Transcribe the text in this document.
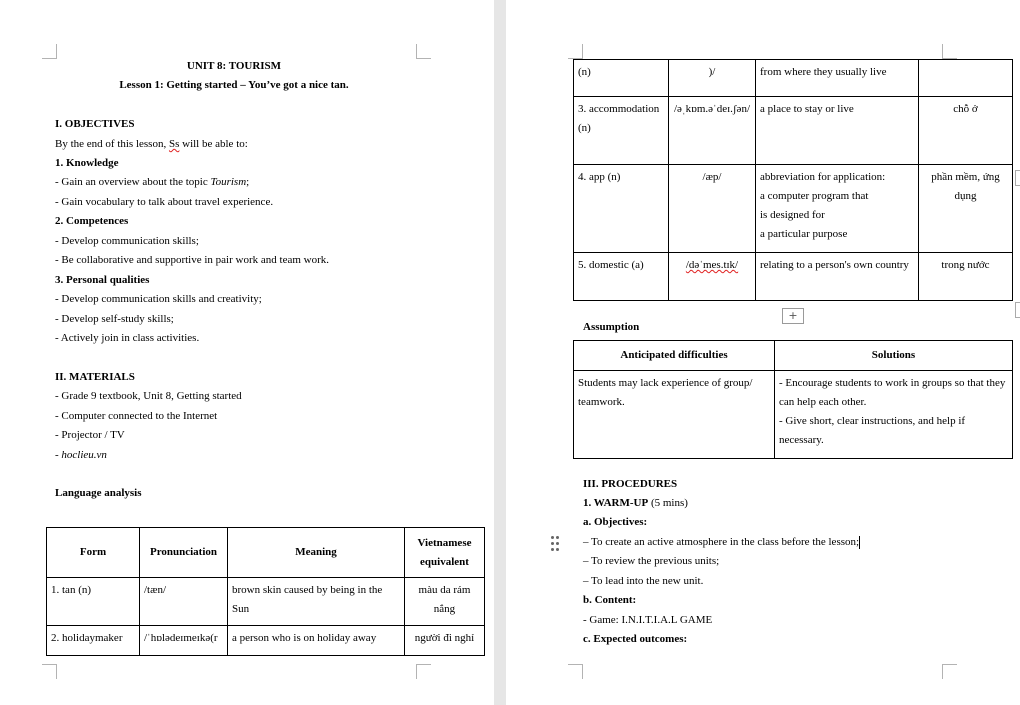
UNIT 8: TOURISM
Lesson 1: Getting started – You’ve got a nice tan.
I. OBJECTIVES
By the end of this lesson, Ss will be able to:
1. Knowledge
- Gain an overview about the topic Tourism;
- Gain vocabulary to talk about travel experience.
2. Competences
- Develop communication skills;
- Be collaborative and supportive in pair work and team work.
3. Personal qualities
- Develop communication skills and creativity;
- Develop self-study skills;
- Actively join in class activities.
II. MATERIALS
- Grade 9 textbook, Unit 8, Getting started
- Computer connected to the Internet
- Projector / TV
- hoclieu.vn
Language analysis
Form	Pronunciation	Meaning	Vietnamese equivalent
1. tan (n)	/tæn/	brown skin caused by being in the Sun	màu da rám nắng
2. holidaymaker	/ˈhɒlədeɪmeɪkə(r	a person who is on holiday away	người đi nghỉ
(n)	)/	from where they usually live	
3. accommodation (n)	/əˌkɒm.əˈdeɪ.ʃən/	a place to stay or live	chỗ ở
4. app (n)	/æp/	abbreviation for application:
a computer program that
is designed for
a particular purpose	phần mềm, ứng dụng
5. domestic (a)	/dəˈmes.tɪk/	relating to a person's own country	trong nước
+
Assumption
Anticipated difficulties	Solutions
Students may lack experience of group/ teamwork.	- Encourage students to work in groups so that they can help each other.
- Give short, clear instructions, and help if necessary.
III. PROCEDURES
1. WARM-UP (5 mins)
a. Objectives:
– To create an active atmosphere in the class before the lesson;
– To review the previous units;
– To lead into the new unit.
b. Content:
- Game: I.N.I.T.I.A.L GAME
c. Expected outcomes:
